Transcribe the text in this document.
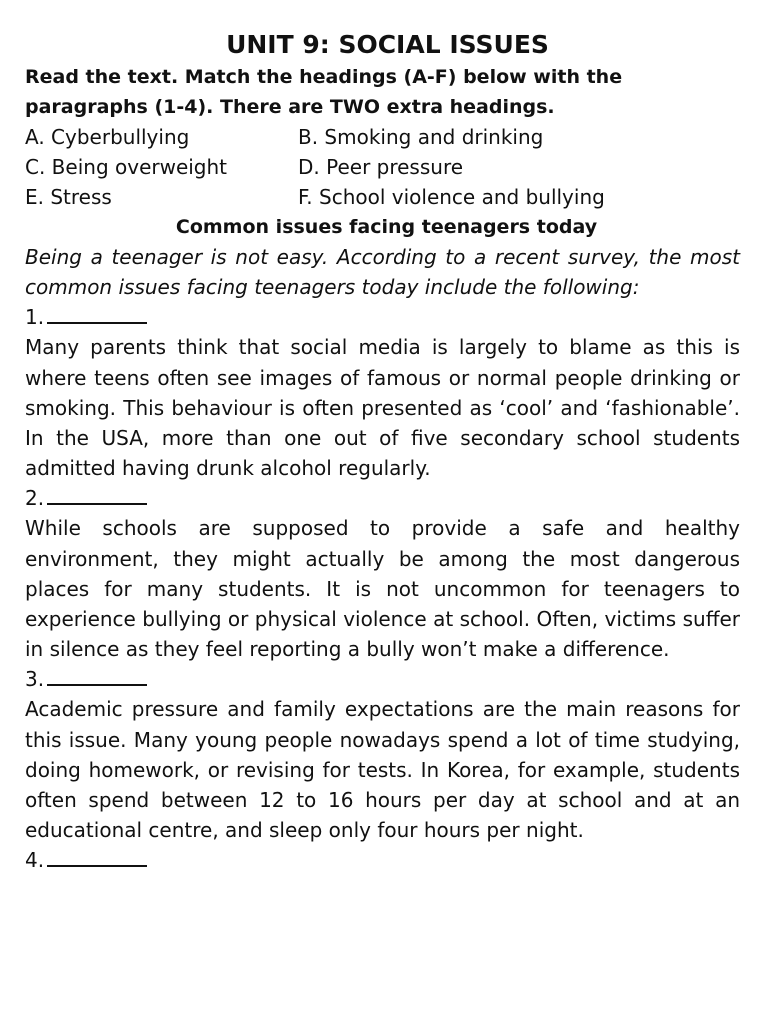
UNIT 9: SOCIAL ISSUES

Read the text. Match the headings (A-F) below with the paragraphs (1-4). There are TWO extra headings.

A. Cyberbullying	B. Smoking and drinking
C. Being overweight	D. Peer pressure
E. Stress	F. School violence and bullying
Common issues facing teenagers today

Being a teenager is not easy. According to a recent survey, the most common issues facing teenagers today include the following:

1.

Many parents think that social media is largely to blame as this is where teens often see images of famous or normal people drinking or smoking. This behaviour is often presented as ‘cool’ and ‘fashionable’. In the USA, more than one out of five secondary school students admitted having drunk alcohol regularly.

2.

While schools are supposed to provide a safe and healthy environment, they might actually be among the most dangerous places for many students. It is not uncommon for teenagers to experience bullying or physical violence at school. Often, victims suffer in silence as they feel reporting a bully won’t make a difference.

3.

Academic pressure and family expectations are the main reasons for this issue. Many young people nowadays spend a lot of time studying, doing homework, or revising for tests. In Korea, for example, students often spend between 12 to 16 hours per day at school and at an educational centre, and sleep only four hours per night.

4.
